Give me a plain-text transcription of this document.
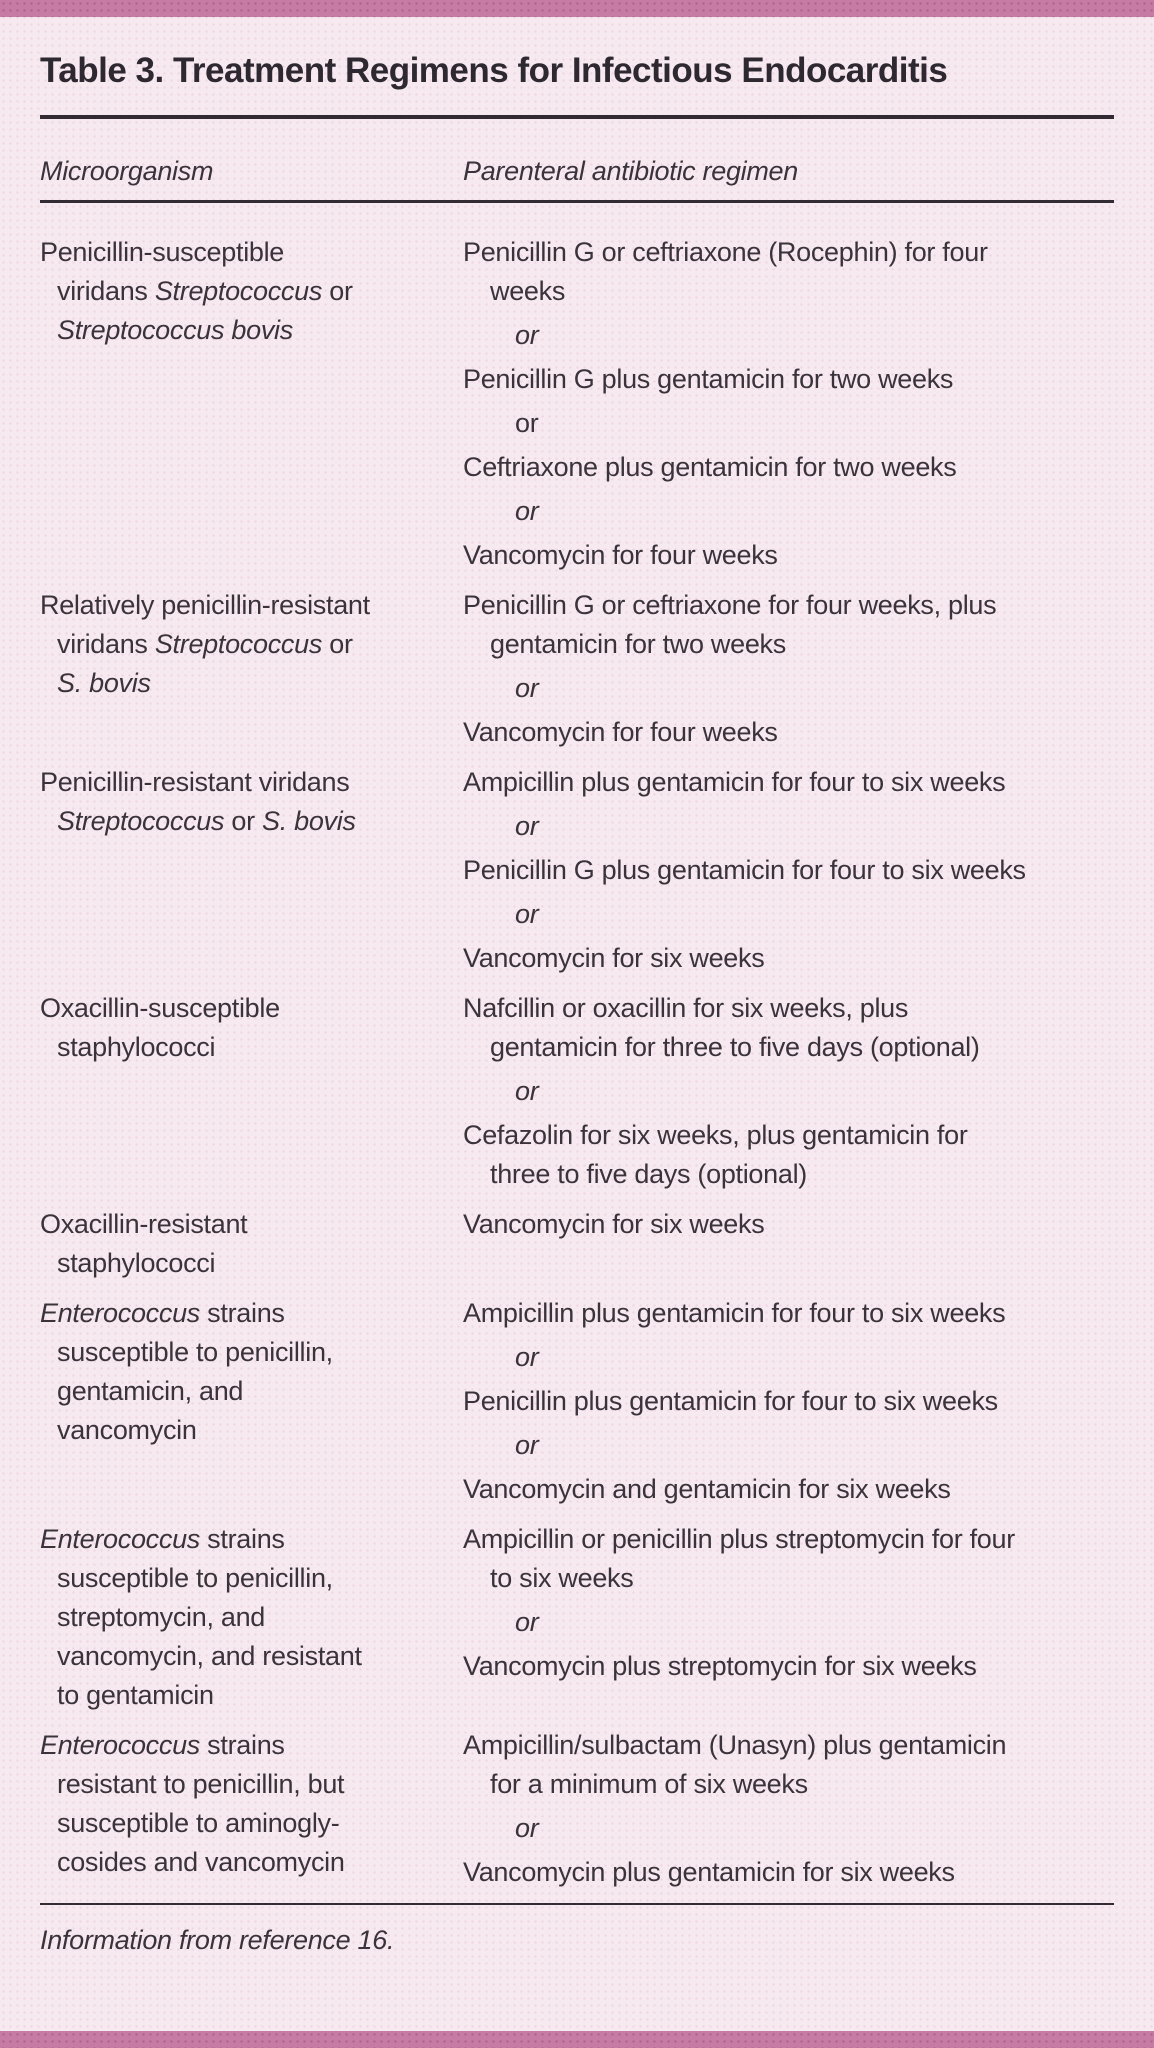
Table 3. Treatment Regimens for Infectious Endocarditis
Microorganism	Parenteral antibiotic regimen
Penicillin-susceptible
viridans Streptococcus or
Streptococcus bovis
Penicillin G or ceftriaxone (Rocephin) for four
weeks
or
Penicillin G plus gentamicin for two weeks
or
Ceftriaxone plus gentamicin for two weeks
or
Vancomycin for four weeks
Relatively penicillin-resistant
viridans Streptococcus or
S. bovis
Penicillin G or ceftriaxone for four weeks, plus
gentamicin for two weeks
or
Vancomycin for four weeks
Penicillin-resistant viridans
Streptococcus or S. bovis
Ampicillin plus gentamicin for four to six weeks
or
Penicillin G plus gentamicin for four to six weeks
or
Vancomycin for six weeks
Oxacillin-susceptible
staphylococci
Nafcillin or oxacillin for six weeks, plus
gentamicin for three to five days (optional)
or
Cefazolin for six weeks, plus gentamicin for
three to five days (optional)
Oxacillin-resistant
staphylococci
Vancomycin for six weeks
Enterococcus strains
susceptible to penicillin,
gentamicin, and
vancomycin
Ampicillin plus gentamicin for four to six weeks
or
Penicillin plus gentamicin for four to six weeks
or
Vancomycin and gentamicin for six weeks
Enterococcus strains
susceptible to penicillin,
streptomycin, and
vancomycin, and resistant
to gentamicin
Ampicillin or penicillin plus streptomycin for four
to six weeks
or
Vancomycin plus streptomycin for six weeks
Enterococcus strains
resistant to penicillin, but
susceptible to aminogly-
cosides and vancomycin
Ampicillin/sulbactam (Unasyn) plus gentamicin
for a minimum of six weeks
or
Vancomycin plus gentamicin for six weeks
Information from reference 16.
